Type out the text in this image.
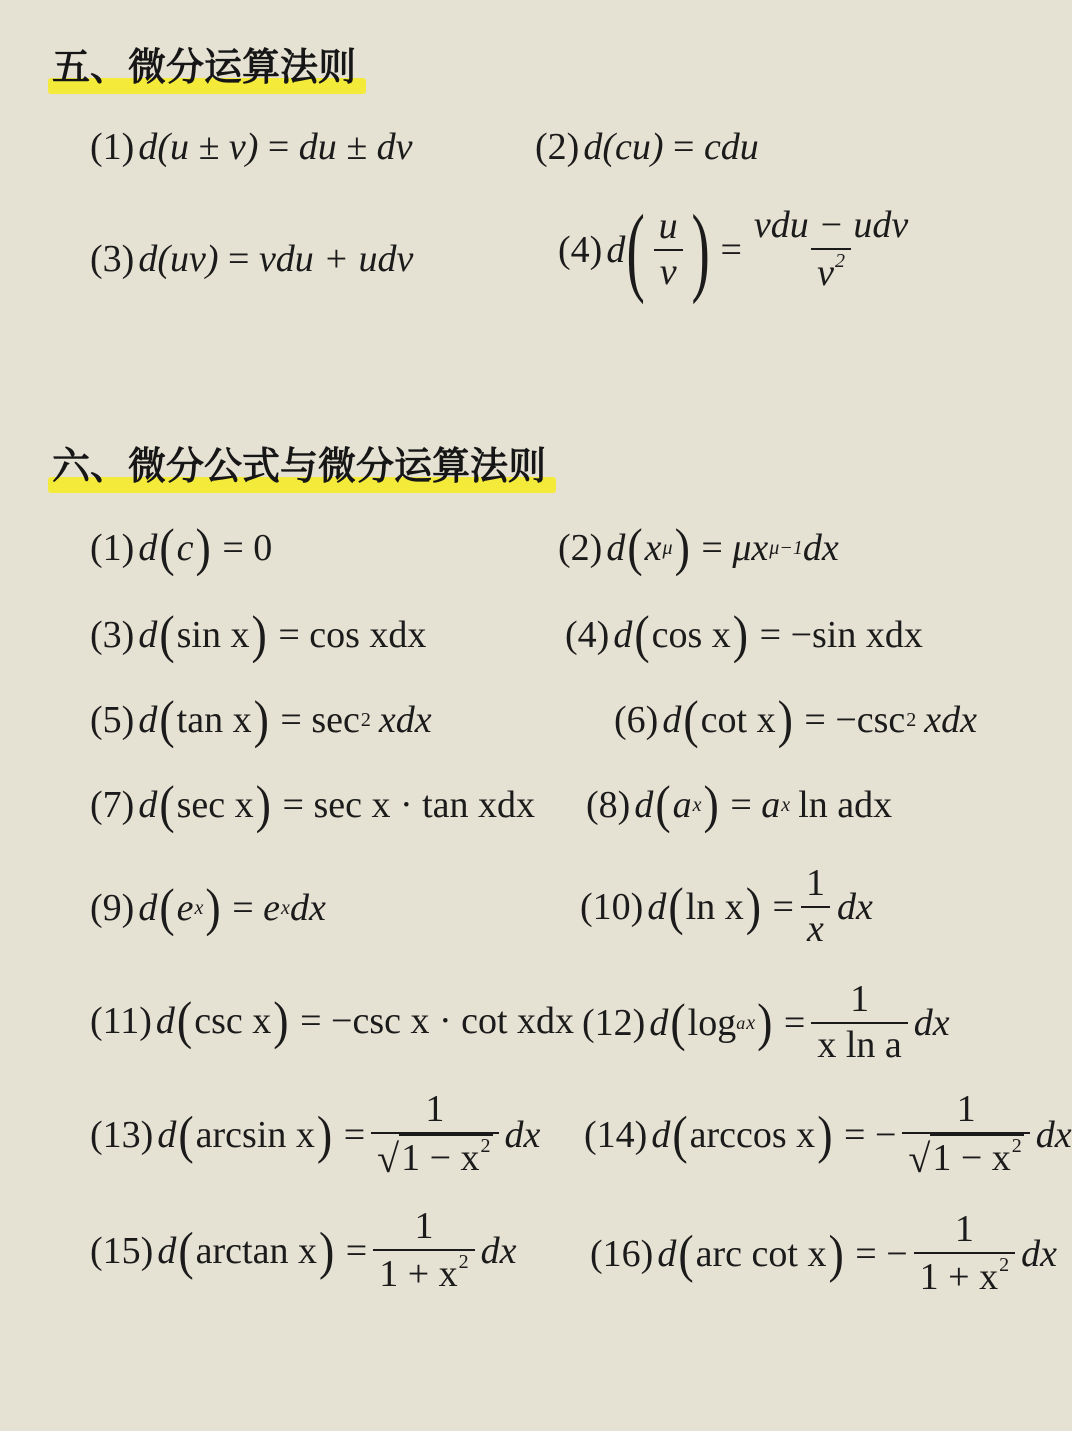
五、微分运算法则
(1) d(u ± v) = du ± dv	(2) d(cu) = cdu
(3) d(uv) = vdu + udv	(4) d ( $\frac{u}{v}$ ) = $\frac{\text{vdu − udv}}{v^2}$
六、微分公式与微分运算法则
(1) d ( c ) = 0	(2) d ( x μ ) = μx μ−1 dx
(3) d ( sin x ) = cos xdx	(4) d ( cos x ) = −sin xdx
(5) d ( tan x ) = sec 2 xdx	(6) d ( cot x ) = −csc 2 xdx
(7) d ( sec x ) = sec x · tan xdx (8) d ( a x ) = a x ln adx
(9) d ( e x ) = e x dx	(10) d ( ln x ) = $\frac{1}{x}$ dx
(11) d ( csc x ) = −csc x · cot xdx (12) d ( log a x ) = $\frac{1}{\text{x ln a}}$ dx
(13) d ( arcsin x ) = $\frac{1}{√ 1 - x^2}$ dx (14) d ( arccos x ) = − $\frac{1}{√ 1 - x^2}$ dx
(15) d ( arctan x ) = $\frac{1}{1 + x^2}$ dx (16) d ( arc cot x ) = − $\frac{1}{1 + x^2}$ dx
